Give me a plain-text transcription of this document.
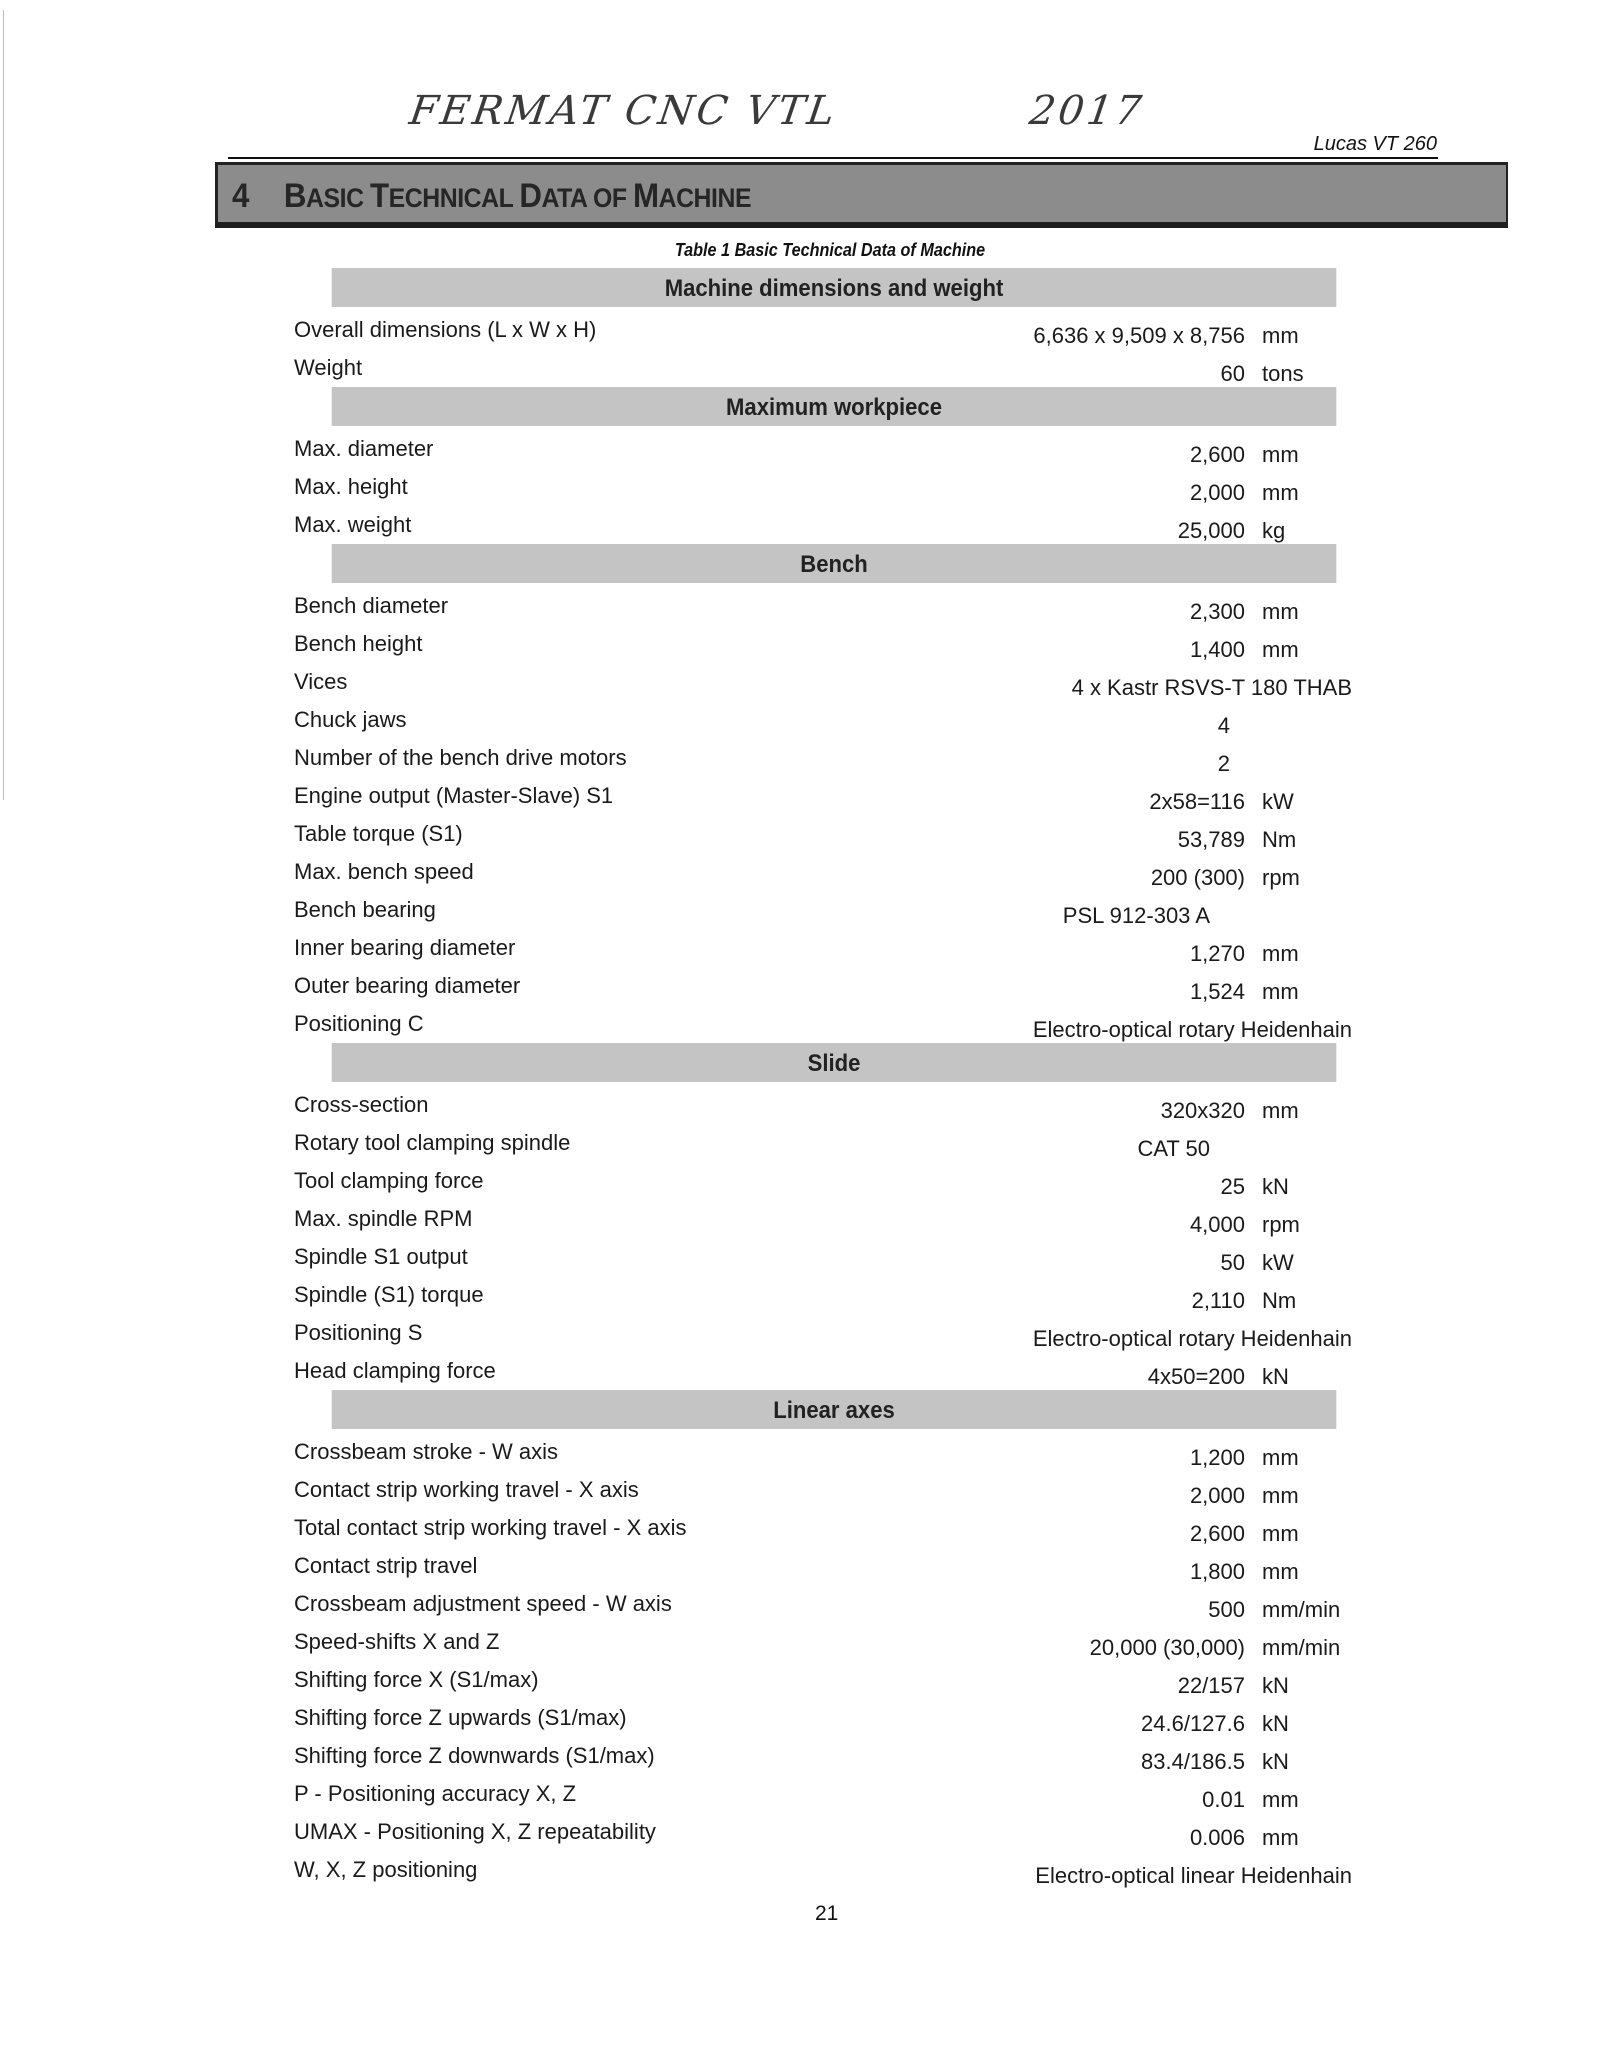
FERMAT CNC VTL	2017
Lucas VT 260
4 BASIC TECHNICAL DATA OF MACHINE
Table 1 Basic Technical Data of Machine
Machine dimensions and weight
Overall dimensions (L x W x H)	6,636 x 9,509 x 8,756 mm
Weight	60 tons
Maximum workpiece
Max. diameter	2,600 mm
Max. height	2,000 mm
Max. weight	25,000 kg
Bench
Bench diameter	2,300 mm
Bench height	1,400 mm
Vices	4 x Kastr RSVS-T 180 THAB
Chuck jaws	4
Number of the bench drive motors	2
Engine output (Master-Slave) S1	2x58=116 kW
Table torque (S1)	53,789 Nm
Max. bench speed	200 (300) rpm
Bench bearing	PSL 912-303 A
Inner bearing diameter	1,270 mm
Outer bearing diameter	1,524 mm
Positioning C	Electro-optical rotary Heidenhain
Slide
Cross-section	320x320 mm
Rotary tool clamping spindle	CAT 50
Tool clamping force	25 kN
Max. spindle RPM	4,000 rpm
Spindle S1 output	50 kW
Spindle (S1) torque	2,110 Nm
Positioning S	Electro-optical rotary Heidenhain
Head clamping force	4x50=200 kN
Linear axes
Crossbeam stroke - W axis	1,200 mm
Contact strip working travel - X axis	2,000 mm
Total contact strip working travel - X axis	2,600 mm
Contact strip travel	1,800 mm
Crossbeam adjustment speed - W axis	500 mm/min
Speed-shifts X and Z	20,000 (30,000) mm/min
Shifting force X (S1/max)	22/157 kN
Shifting force Z upwards (S1/max)	24.6/127.6 kN
Shifting force Z downwards (S1/max)	83.4/186.5 kN
P - Positioning accuracy X, Z	0.01 mm
UMAX - Positioning X, Z repeatability	0.006 mm
W, X, Z positioning	Electro-optical linear Heidenhain
21
